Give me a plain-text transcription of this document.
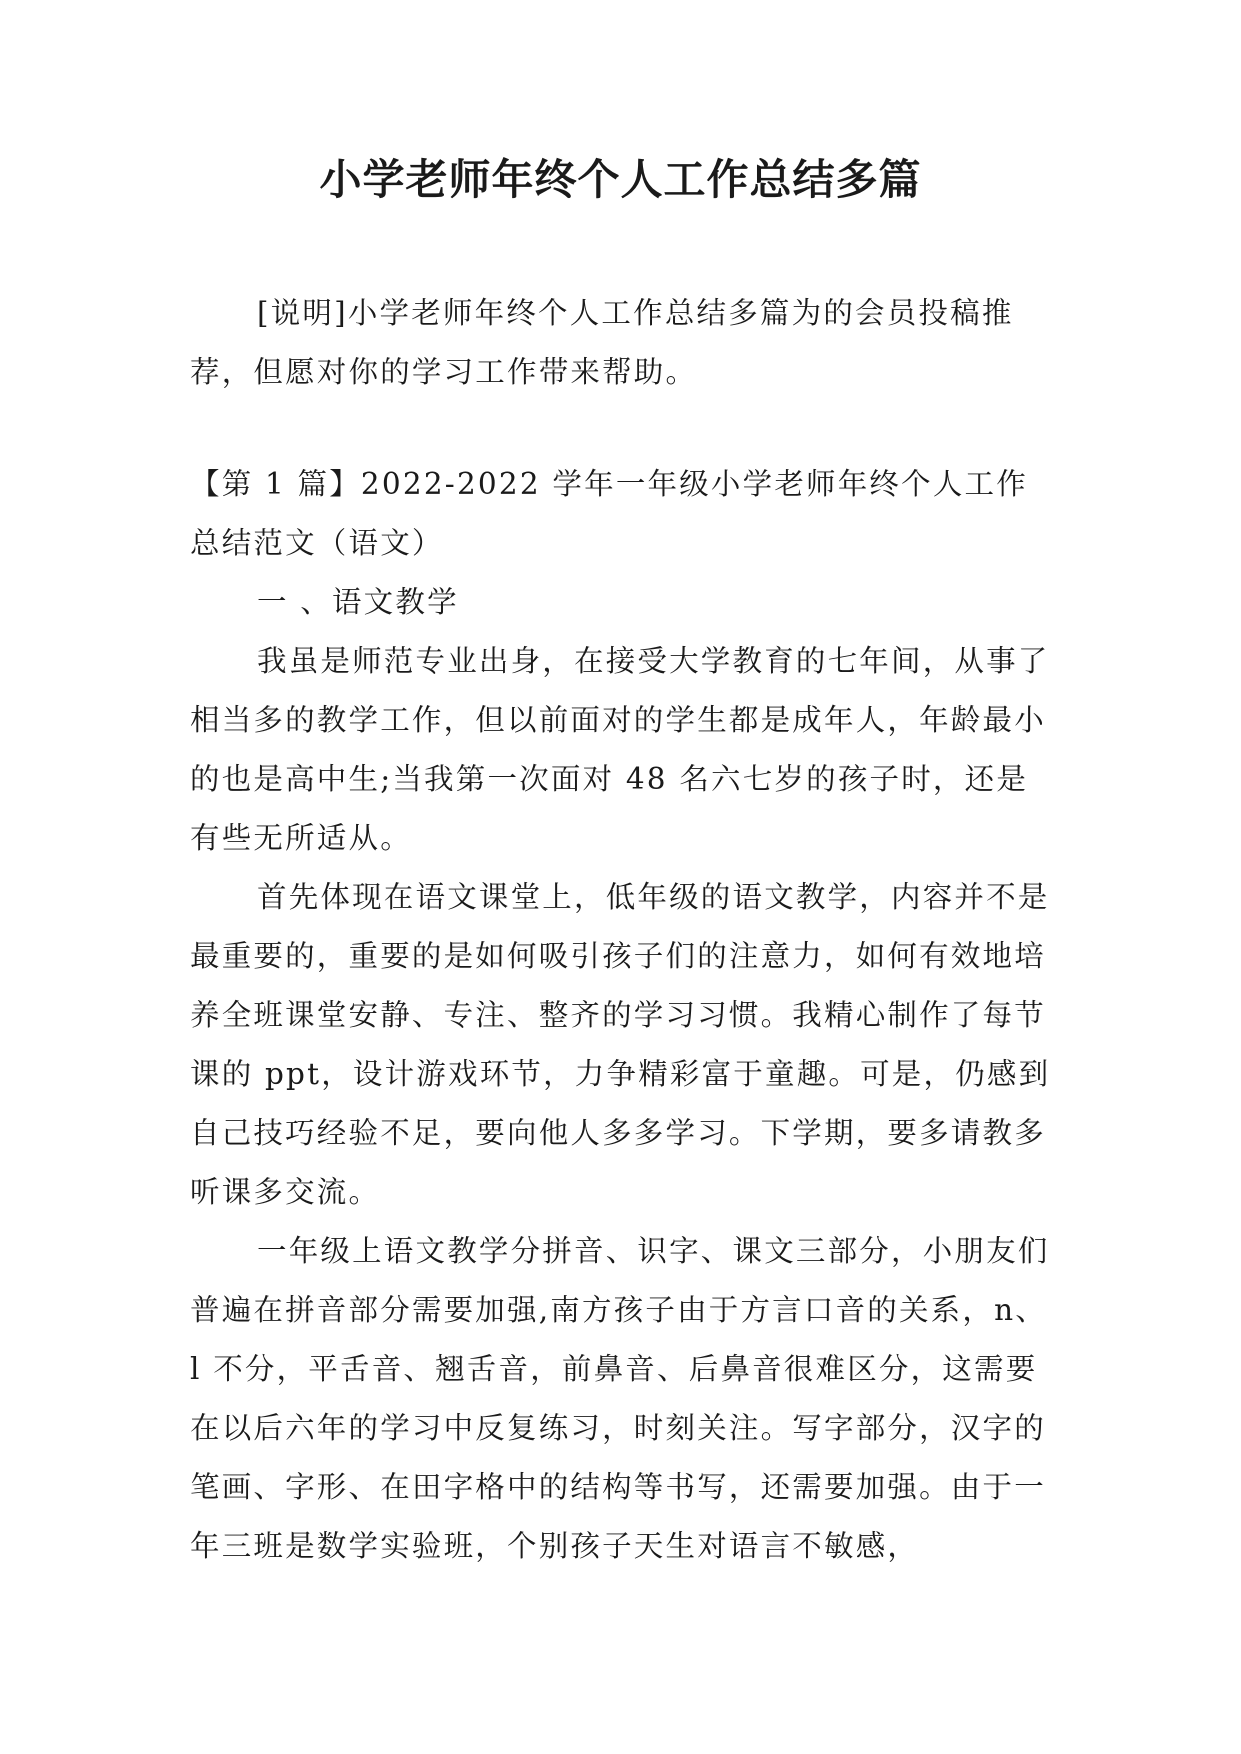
小学老师年终个人工作总结多篇

[说明]小学老师年终个人工作总结多篇为的会员投稿推荐，但愿对你的学习工作带来帮助。

【第 1 篇】2022-2022 学年一年级小学老师年终个人工作总结范文（语文）

一 、语文教学

我虽是师范专业出身，在接受大学教育的七年间，从事了相当多的教学工作，但以前面对的学生都是成年人，年龄最小的也是高中生;当我第一次面对 48 名六七岁的孩子时，还是有些无所适从。

首先体现在语文课堂上，低年级的语文教学，内容并不是最重要的，重要的是如何吸引孩子们的注意力，如何有效地培养全班课堂安静、专注、整齐的学习习惯。我精心制作了每节课的 ppt，设计游戏环节，力争精彩富于童趣。可是，仍感到自己技巧经验不足，要向他人多多学习。下学期，要多请教多听课多交流。

一年级上语文教学分拼音、识字、课文三部分，小朋友们普遍在拼音部分需要加强,南方孩子由于方言口音的关系，n、l 不分，平舌音、翘舌音，前鼻音、后鼻音很难区分，这需要在以后六年的学习中反复练习，时刻关注。写字部分，汉字的笔画、字形、在田字格中的结构等书写，还需要加强。由于一年三班是数学实验班，个别孩子天生对语言不敏感，
